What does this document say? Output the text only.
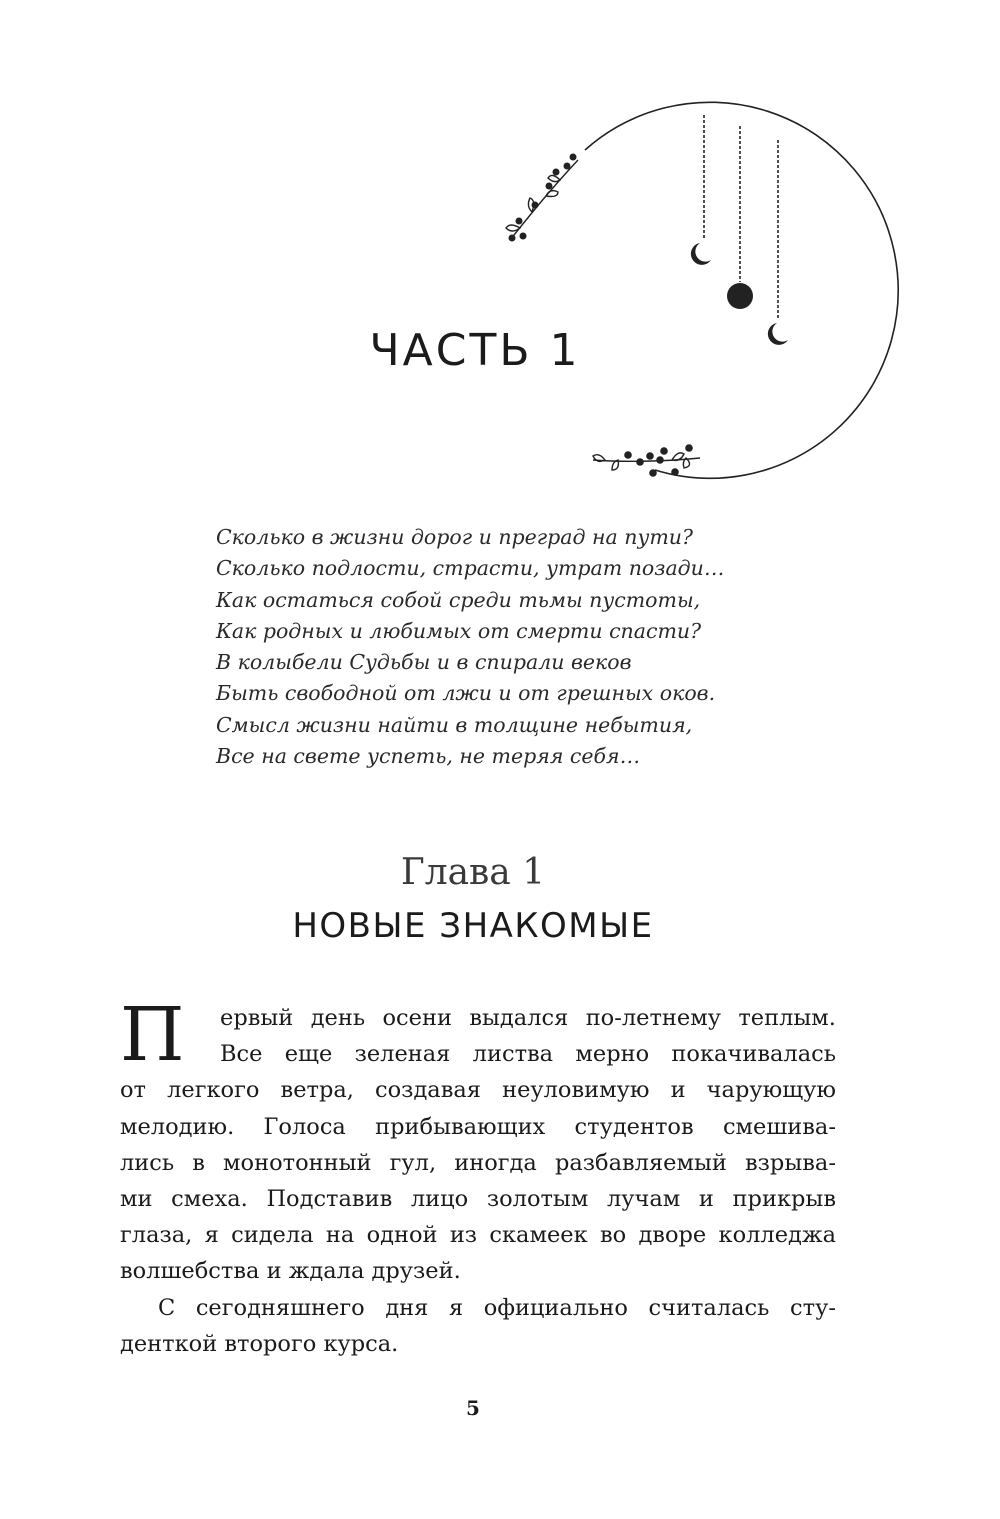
ЧАСТЬ 1
Сколько в жизни дорог и преград на пути?
Сколько подлости, страсти, утрат позади…
Как остаться собой среди тьмы пустоты,
Как родных и любимых от смерти спасти?
В колыбели Судьбы и в спирали веков
Быть свободной от лжи и от грешных оков.
Смысл жизни найти в толщине небытия,
Все на свете успеть, не теряя себя…
Глава 1
НОВЫЕ ЗНАКОМЫЕ
П ервый день осени выдался по-летнему теплым.
Все еще зеленая листва мерно покачивалась
от легкого ветра, создавая неуловимую и чарующую
мелодию. Голоса прибывающих студентов смешива-
лись в монотонный гул, иногда разбавляемый взрыва-
ми смеха. Подставив лицо золотым лучам и прикрыв
глаза, я сидела на одной из скамеек во дворе колледжа
волшебства и ждала друзей.
С сегодняшнего дня я официально считалась сту-
денткой второго курса.
5
